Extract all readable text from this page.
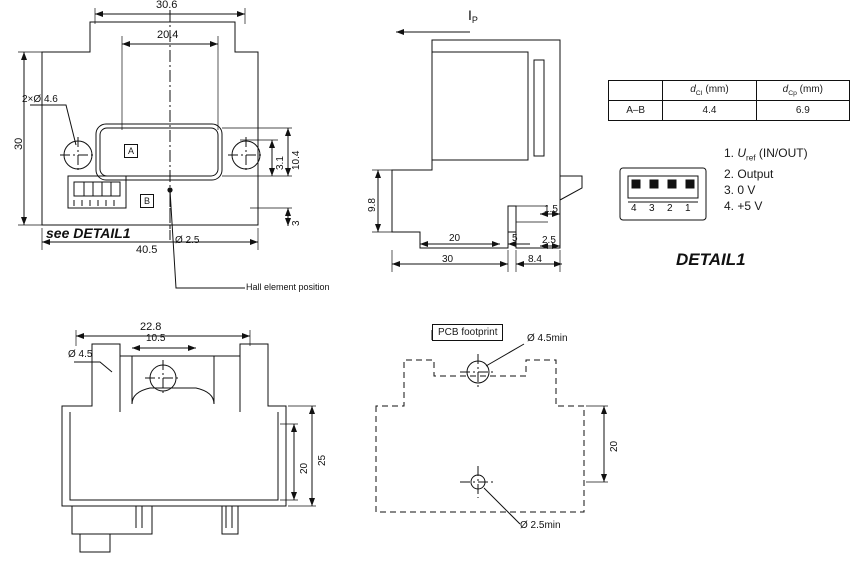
30.6
20.4
30
40.5
2×Ø 4.6
Ø 2.5
10.4
3.1
3
A
B
see DETAIL1
Hall element position
$I_P$
9.8
20	5 2.5
1.5
30	8.4
	$d_{CI}$ (mm)	$d_{Cp}$ (mm)
A–B	4.4	6.9
4 3 2 1
DETAIL1
1. $U_{ref}$ (IN/OUT)
2. Output
3. 0 V
4. +5 V
22.8
10.5
Ø 4.5
25
20
PCB footprint
Ø 4.5min
Ø 2.5min
20
